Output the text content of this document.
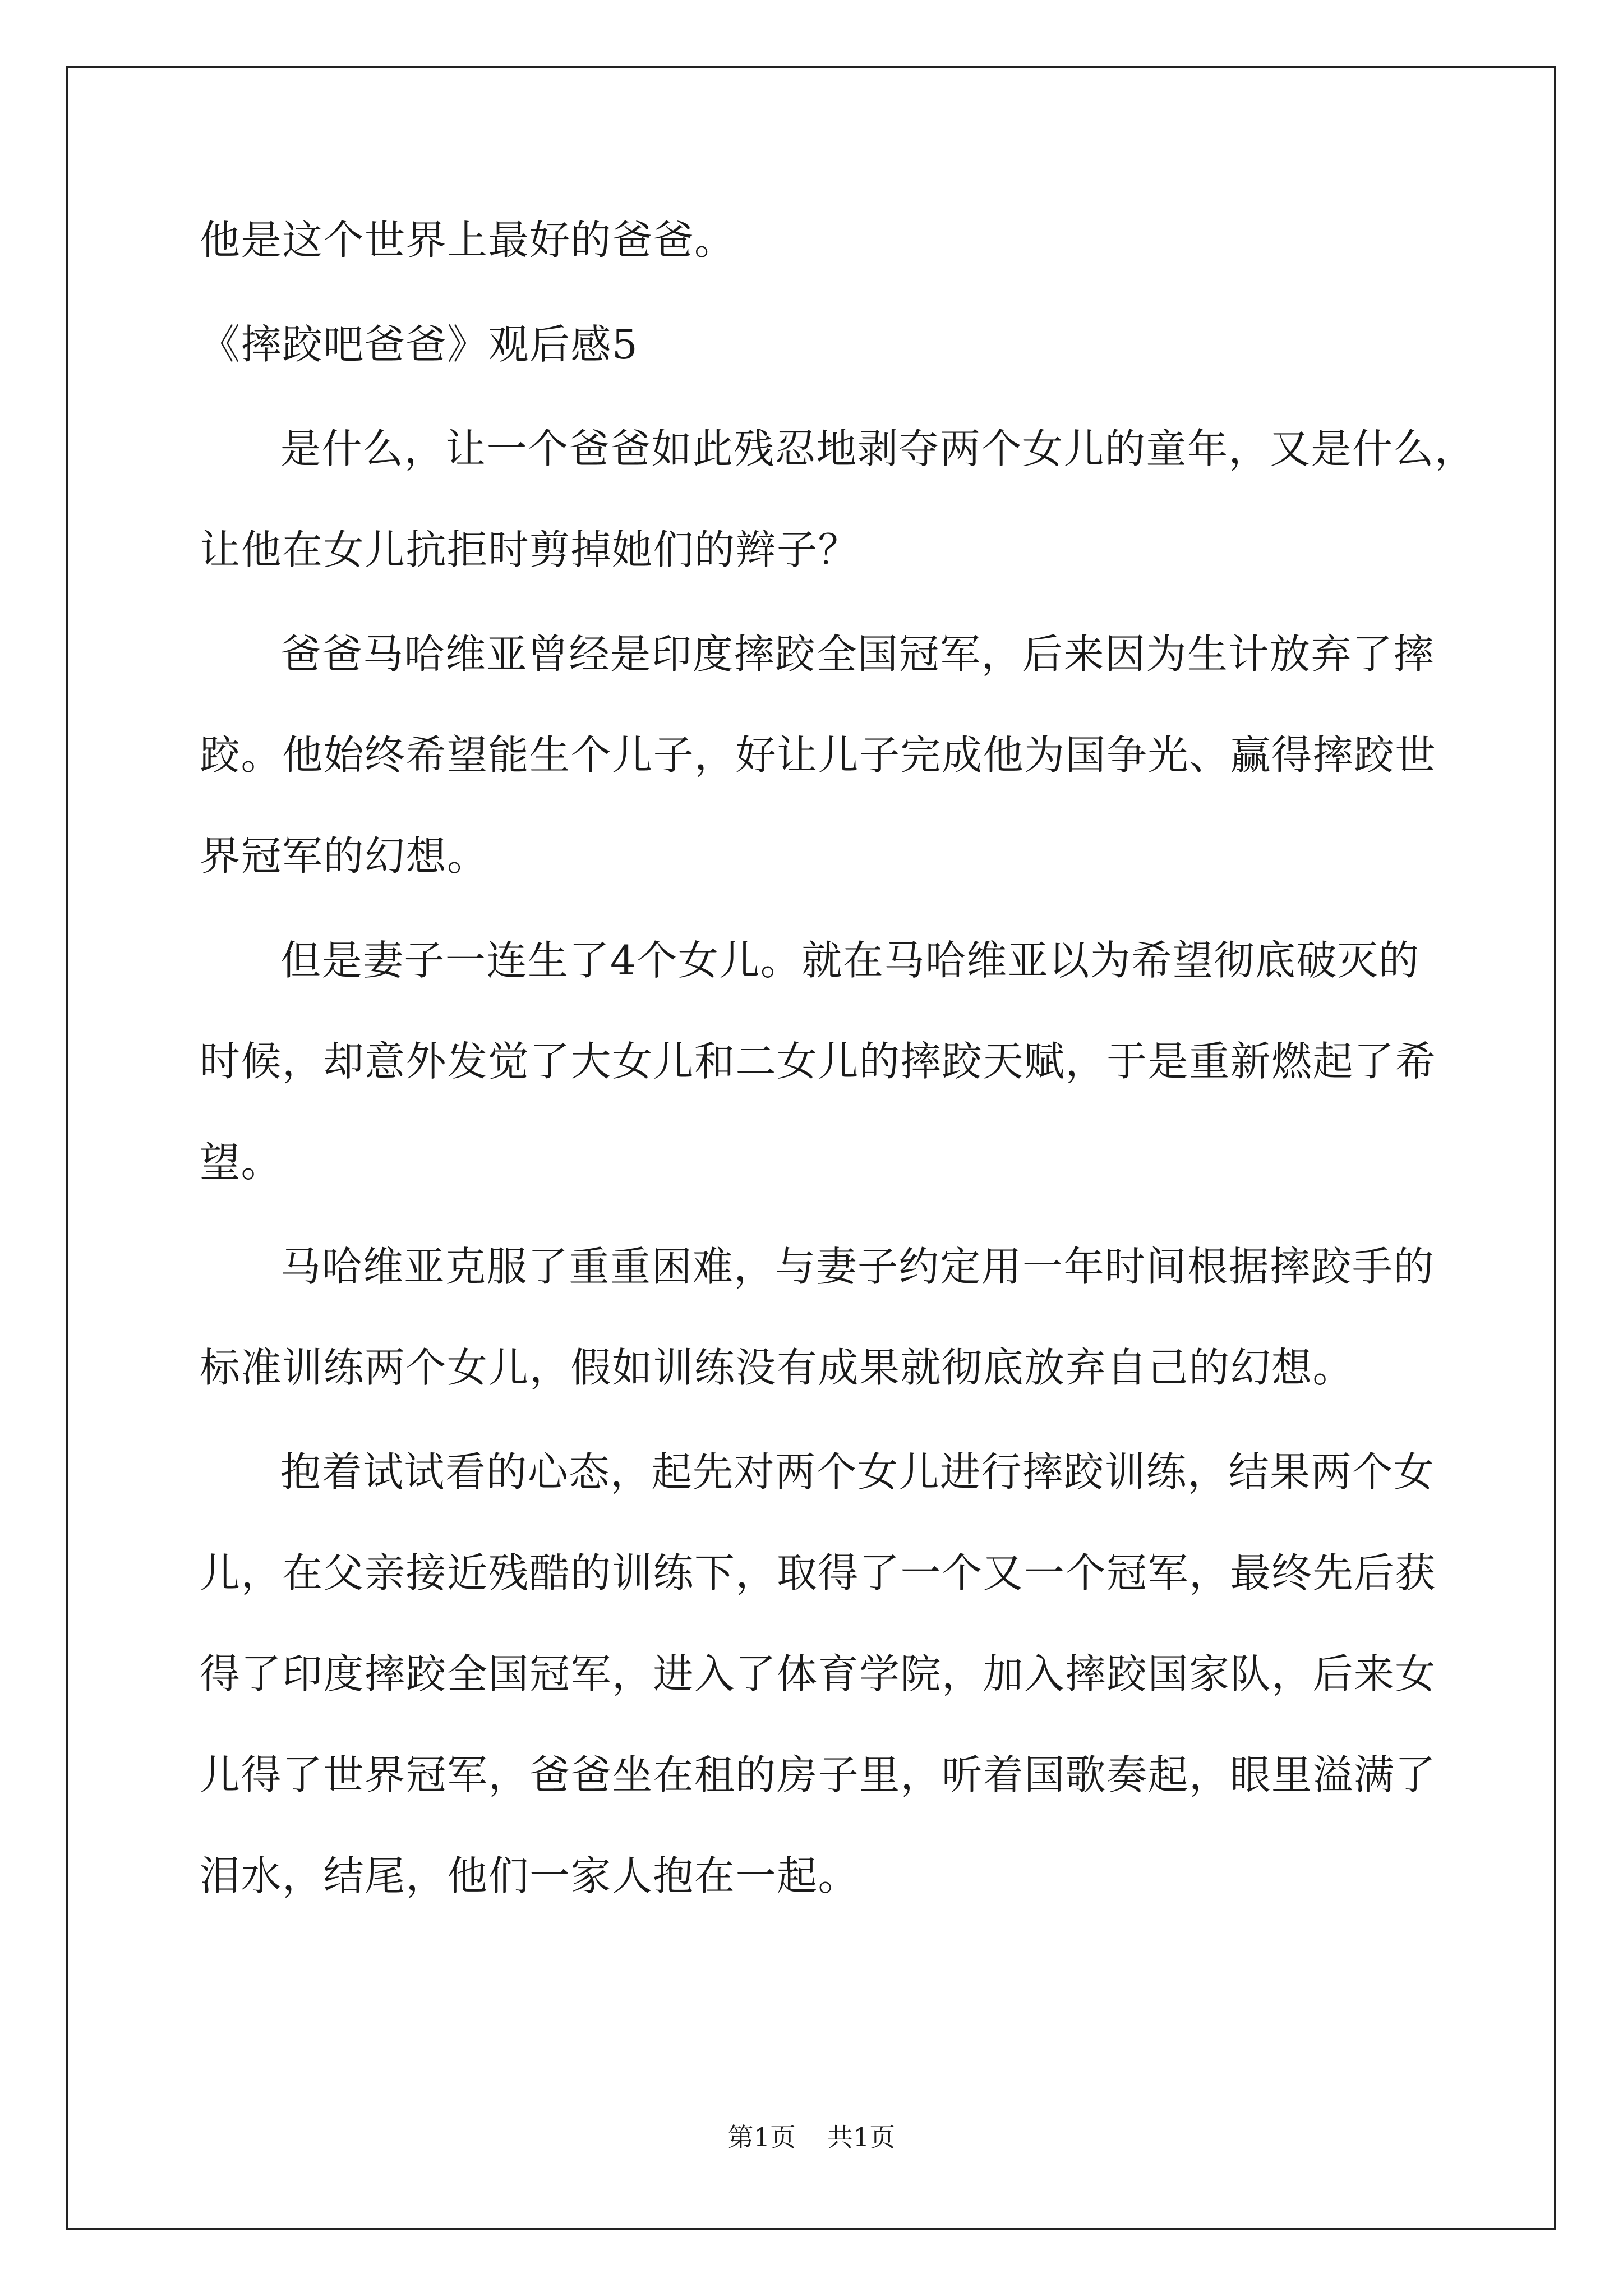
他是这个世界上最好的爸爸。
《摔跤吧爸爸》观后感5
是什么，让一个爸爸如此残忍地剥夺两个女儿的童年，又是什么，
让他在女儿抗拒时剪掉她们的辫子？
爸爸马哈维亚曾经是印度摔跤全国冠军，后来因为生计放弃了摔
跤。他始终希望能生个儿子，好让儿子完成他为国争光、赢得摔跤世
界冠军的幻想。
但是妻子一连生了4个女儿。就在马哈维亚以为希望彻底破灭的
时候，却意外发觉了大女儿和二女儿的摔跤天赋，于是重新燃起了希
望。
马哈维亚克服了重重困难，与妻子约定用一年时间根据摔跤手的
标准训练两个女儿，假如训练没有成果就彻底放弃自己的幻想。
抱着试试看的心态，起先对两个女儿进行摔跤训练，结果两个女
儿，在父亲接近残酷的训练下，取得了一个又一个冠军，最终先后获
得了印度摔跤全国冠军，进入了体育学院，加入摔跤国家队，后来女
儿得了世界冠军，爸爸坐在租的房子里，听着国歌奏起，眼里溢满了
泪水，结尾，他们一家人抱在一起。
第1页 共1页
